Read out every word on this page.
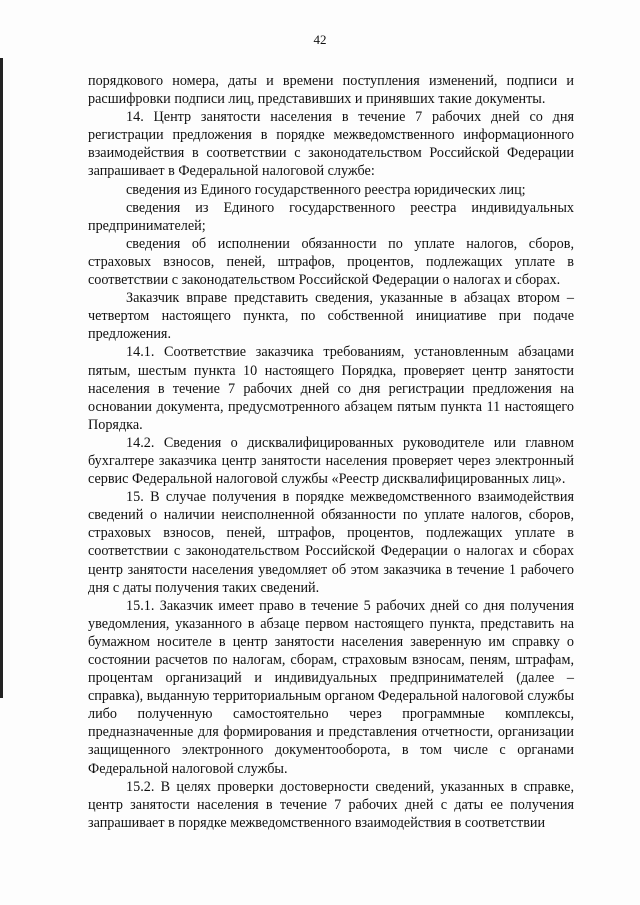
42

порядкового номера, даты и времени поступления изменений, подписи и расшифровки подписи лиц, представивших и принявших такие документы.

14. Центр занятости населения в течение 7 рабочих дней со дня регистрации предложения в порядке межведомственного информационного взаимодействия в соответствии с законодательством Российской Федерации запрашивает в Федеральной налоговой службе:

сведения из Единого государственного реестра юридических лиц;

сведения из Единого государственного реестра индивидуальных предпринимателей;

сведения об исполнении обязанности по уплате налогов, сборов, страховых взносов, пеней, штрафов, процентов, подлежащих уплате в соответствии с законодательством Российской Федерации о налогах и сборах.

Заказчик вправе представить сведения, указанные в абзацах втором – четвертом настоящего пункта, по собственной инициативе при подаче предложения.

14.1. Соответствие заказчика требованиям, установленным абзацами пятым, шестым пункта 10 настоящего Порядка, проверяет центр занятости населения в течение 7 рабочих дней со дня регистрации предложения на основании документа, предусмотренного абзацем пятым пункта 11 настоящего Порядка.

14.2. Сведения о дисквалифицированных руководителе или главном бухгалтере заказчика центр занятости населения проверяет через электронный сервис Федеральной налоговой службы «Реестр дисквалифицированных лиц».

15. В случае получения в порядке межведомственного взаимодействия сведений о наличии неисполненной обязанности по уплате налогов, сборов, страховых взносов, пеней, штрафов, процентов, подлежащих уплате в соответствии с законодательством Российской Федерации о налогах и сборах центр занятости населения уведомляет об этом заказчика в течение 1 рабочего дня с даты получения таких сведений.

15.1. Заказчик имеет право в течение 5 рабочих дней со дня получения уведомления, указанного в абзаце первом настоящего пункта, представить на бумажном носителе в центр занятости населения заверенную им справку о состоянии расчетов по налогам, сборам, страховым взносам, пеням, штрафам, процентам организаций и индивидуальных предпринимателей (далее – справка), выданную территориальным органом Федеральной налоговой службы либо полученную самостоятельно через программные комплексы, предназначенные для формирования и представления отчетности, организации защищенного электронного документооборота, в том числе с органами Федеральной налоговой службы.

15.2. В целях проверки достоверности сведений, указанных в справке, центр занятости населения в течение 7 рабочих дней с даты ее получения запрашивает в порядке межведомственного взаимодействия в соответствии
